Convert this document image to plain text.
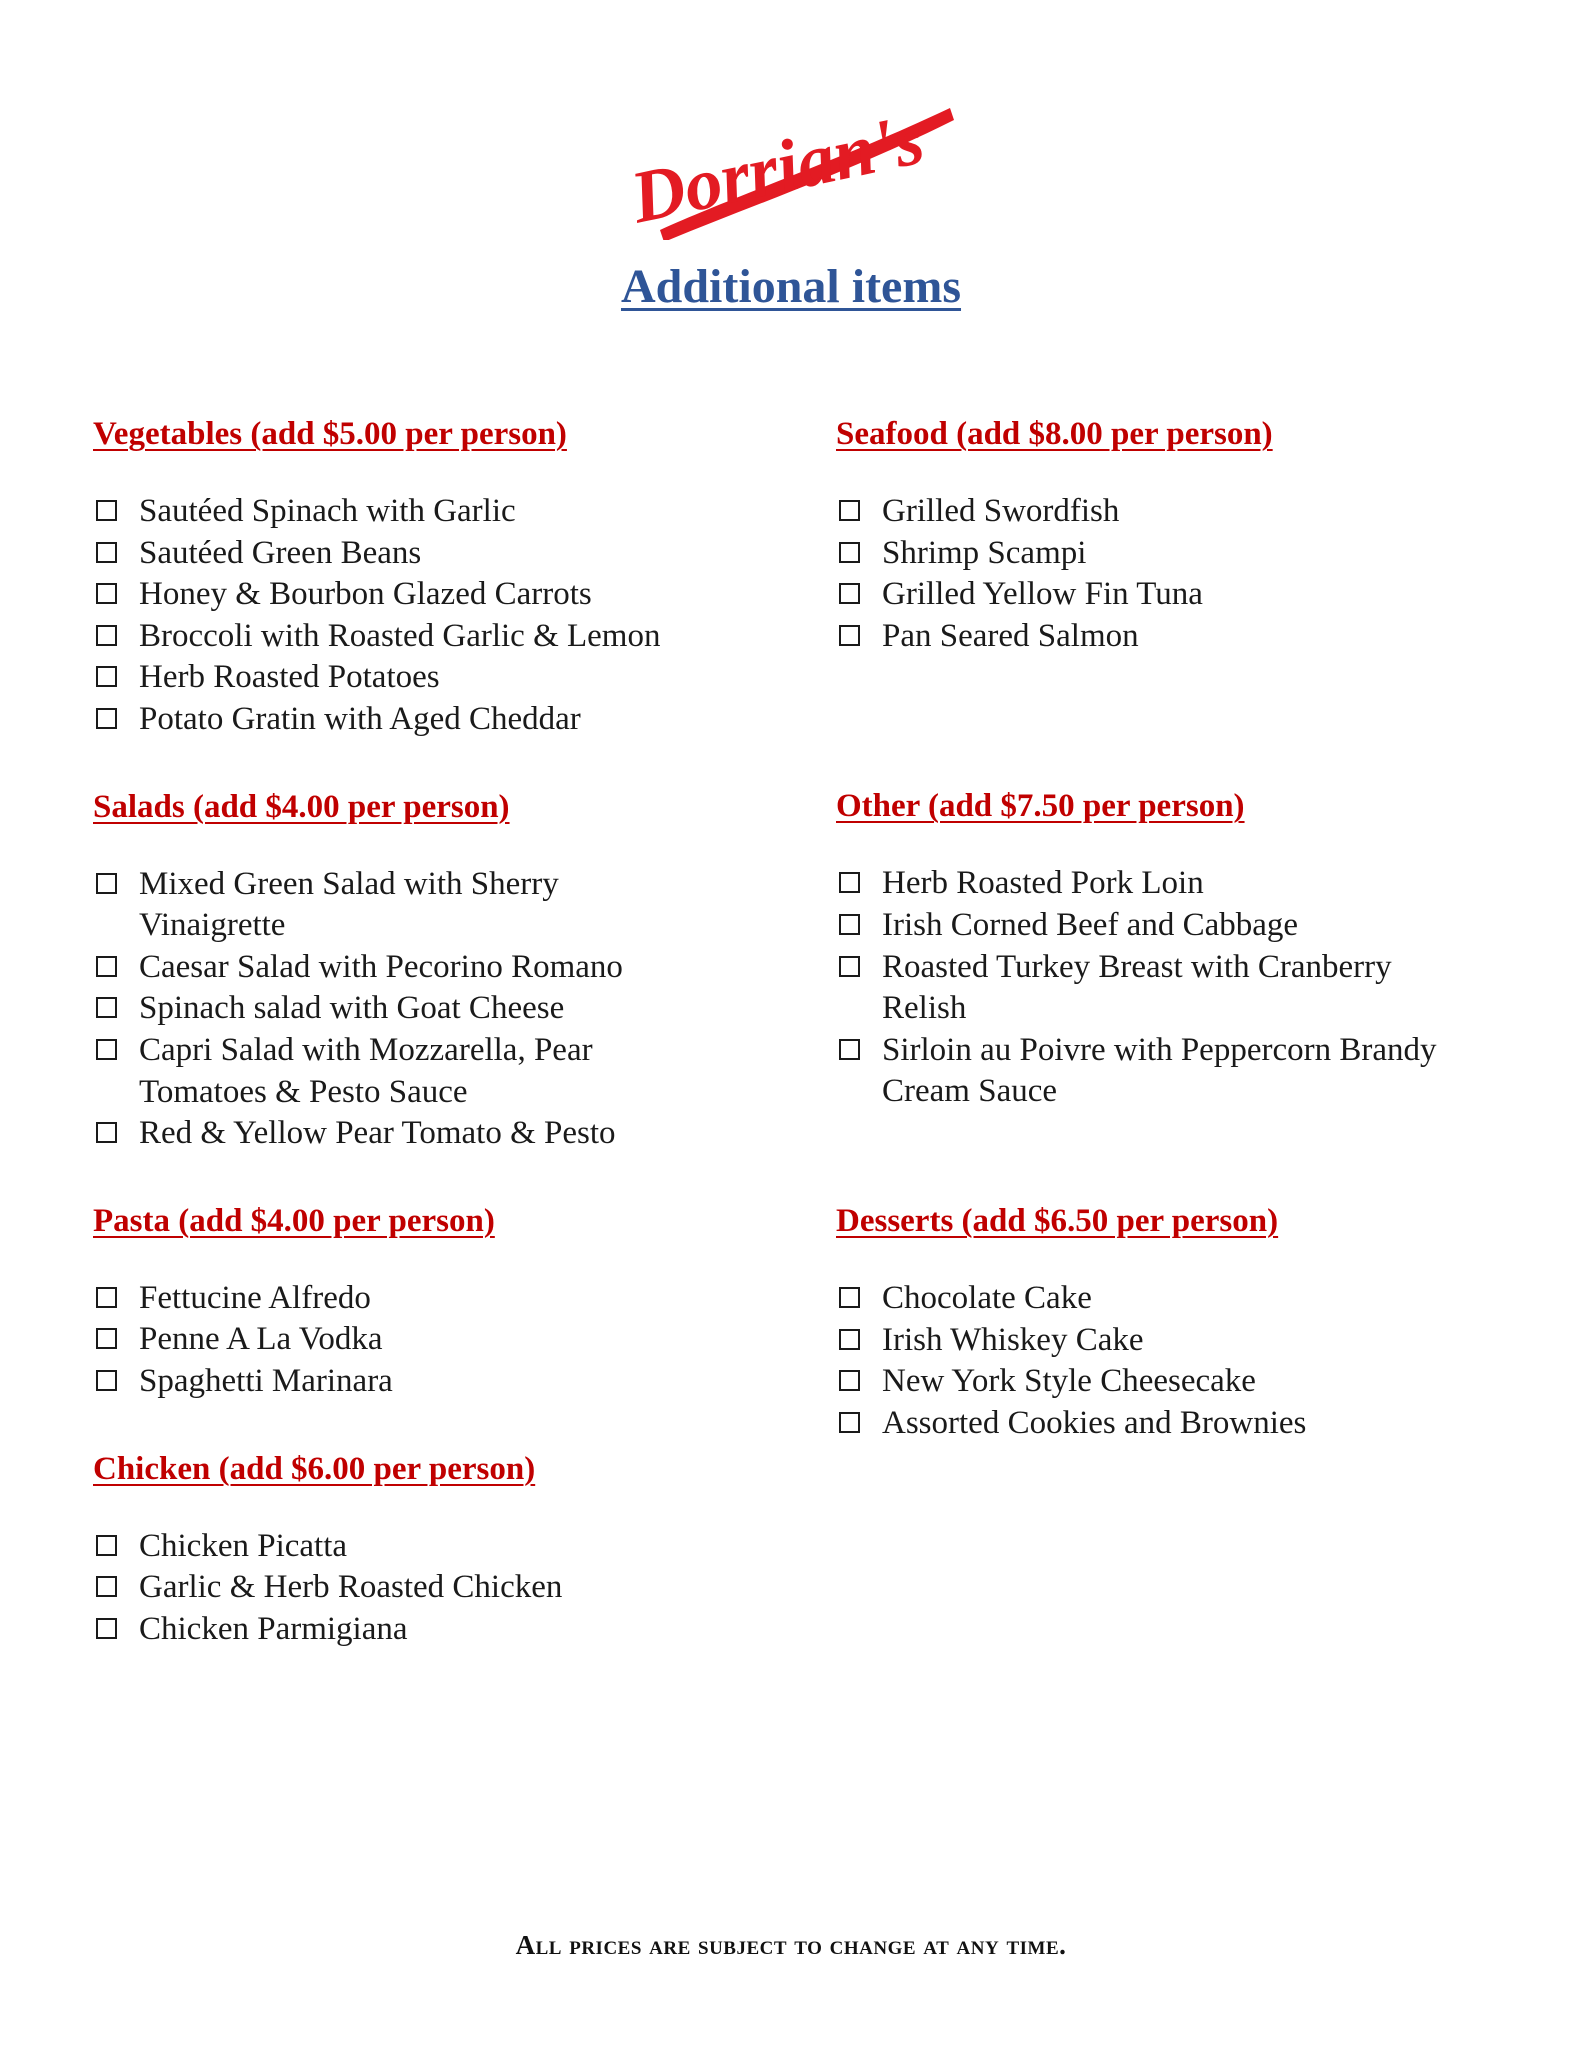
Dorrian's
Additional items
Vegetables (add $5.00 per person)
Sautéed Spinach with Garlic
Sautéed Green Beans
Honey & Bourbon Glazed Carrots
Broccoli with Roasted Garlic & Lemon
Herb Roasted Potatoes
Potato Gratin with Aged Cheddar
Salads (add $4.00 per person)
Mixed Green Salad with Sherry Vinaigrette
Caesar Salad with Pecorino Romano
Spinach salad with Goat Cheese
Capri Salad with Mozzarella, Pear Tomatoes & Pesto Sauce
Red & Yellow Pear Tomato & Pesto
Pasta (add $4.00 per person)
Fettucine Alfredo
Penne A La Vodka
Spaghetti Marinara
Chicken (add $6.00 per person)
Chicken Picatta
Garlic & Herb Roasted Chicken
Chicken Parmigiana
Seafood (add $8.00 per person)
Grilled Swordfish
Shrimp Scampi
Grilled Yellow Fin Tuna
Pan Seared Salmon
Other (add $7.50 per person)
Herb Roasted Pork Loin
Irish Corned Beef and Cabbage
Roasted Turkey Breast with Cranberry Relish
Sirloin au Poivre with Peppercorn Brandy Cream Sauce
Desserts (add $6.50 per person)
Chocolate Cake
Irish Whiskey Cake
New York Style Cheesecake
Assorted Cookies and Brownies
All prices are subject to change at any time.
